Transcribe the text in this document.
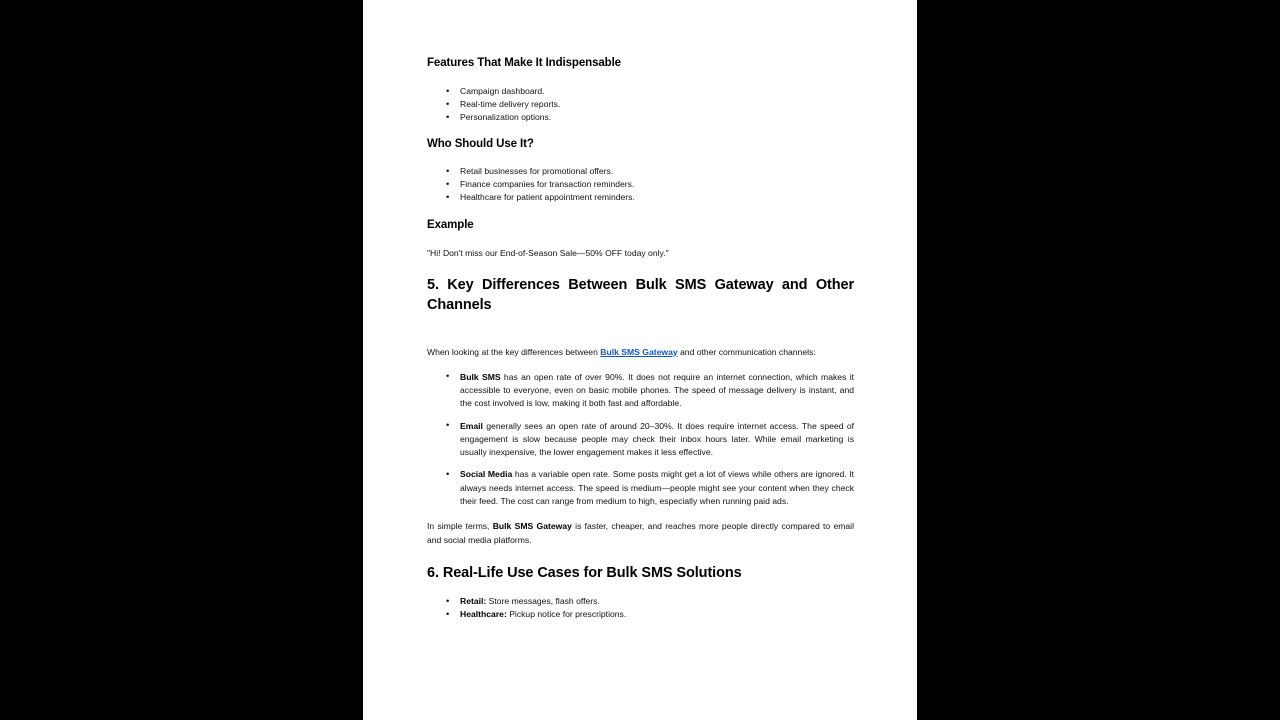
Features That Make It Indispensable
• Campaign dashboard.
• Real-time delivery reports.
• Personalization options.
Who Should Use It?
• Retail businesses for promotional offers.
• Finance companies for transaction reminders.
• Healthcare for patient appointment reminders.
Example

"Hi! Don't miss our End-of-Season Sale—50% OFF today only."

5. Key Differences Between Bulk SMS Gateway and Other Channels

When looking at the key differences between Bulk SMS Gateway and other communication channels:

• Bulk SMS has an open rate of over 90%. It does not require an internet connection, which makes it accessible to everyone, even on basic mobile phones. The speed of message delivery is instant, and the cost involved is low, making it both fast and affordable.
• Email generally sees an open rate of around 20–30%. It does require internet access. The speed of engagement is slow because people may check their inbox hours later. While email marketing is usually inexpensive, the lower engagement makes it less effective.
• Social Media has a variable open rate. Some posts might get a lot of views while others are ignored. It always needs internet access. The speed is medium—people might see your content when they check their feed. The cost can range from medium to high, especially when running paid ads.

In simple terms, Bulk SMS Gateway is faster, cheaper, and reaches more people directly compared to email and social media platforms.

6. Real-Life Use Cases for Bulk SMS Solutions
• Retail: Store messages, flash offers.
• Healthcare: Pickup notice for prescriptions.
